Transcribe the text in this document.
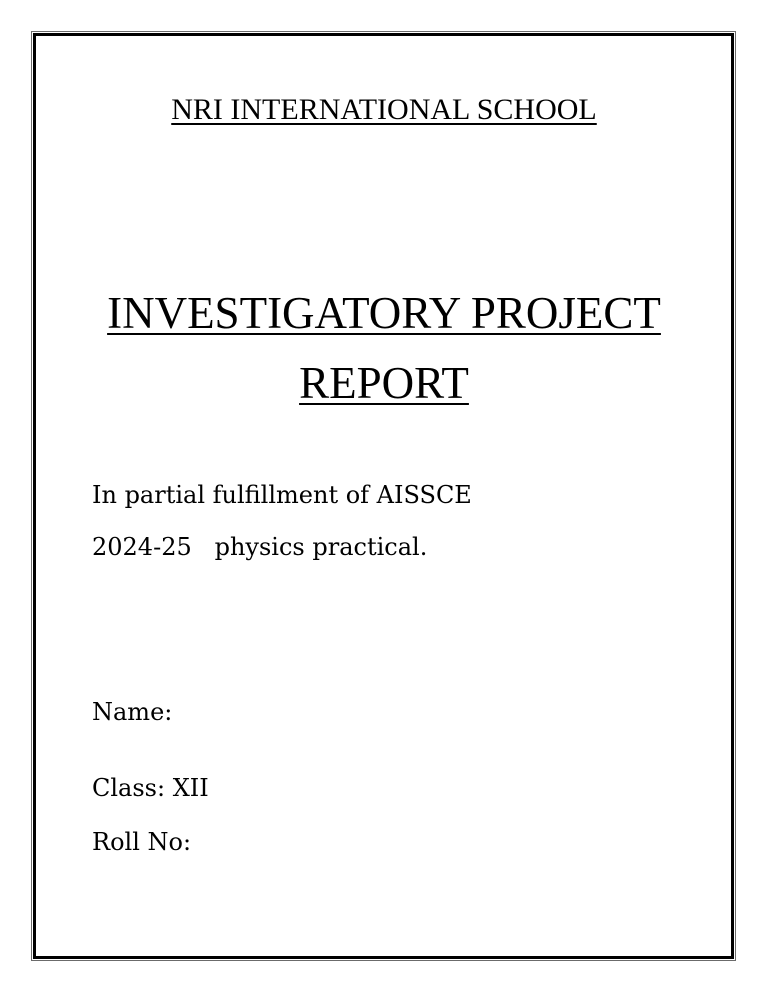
NRI INTERNATIONAL SCHOOL
INVESTIGATORY PROJECT
REPORT
In partial fulfillment of AISSCE
2024-25   physics practical.
Name:
Class: XII
Roll No:
